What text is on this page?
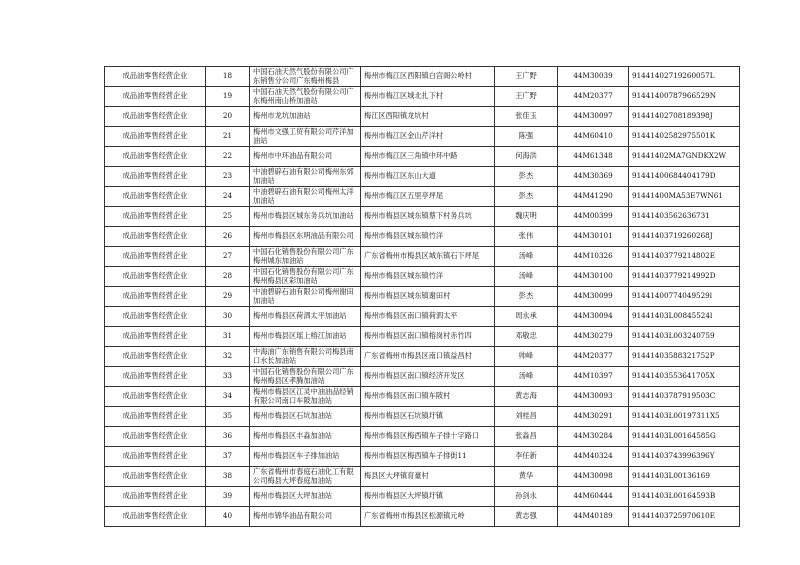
成品油零售经营企业	18	中国石油天然气股份有限公司广东销售分公司广东梅州梅县	梅州市梅江区西阳镇白宫阁公岭村	王广野	44M30039	91441402719260057L
成品油零售经营企业	19	中国石油天然气股份有限公司广东梅州南山桥加油站	梅州市梅江区城北扎下村	王广野	44M20377	91441400787966529N
成品油零售经营企业	20	梅州市龙坑加油站	梅江区西阳镇龙坑村	张佳玉	44M30097	91441402708189398J
成品油零售经营企业	21	梅州市文强工贸有限公司芹洋加油站	梅州市梅江区金山芹洋村	陈强	44M60410	91441402582975501K
成品油零售经营企业	22	梅州市中环油品有限公司	梅州市梅江区三角镇中环中路	何海洪	44M61348	91441402MA7GNDKX2W
成品油零售经营企业	23	中油碧辟石油有限公司梅州东郊加油站	梅州市梅江区东山大道	彭杰	44M30369	91441400684404179D
成品油零售经营企业	24	中油碧辟石油有限公司梅州太洋加油站	梅州市梅江区五里亭坪尾	彭杰	44M41290	91441400MA53E7WN61
成品油零售经营企业	25	梅州市梅县区城东务兵坑加油站	梅州市梅县区城东镇蔡下村务兵坑	魏庆明	44M00399	91441403562636731
成品油零售经营企业	26	梅州市梅县区东明油品有限公司	梅州市梅县区城东镇竹洋	张伟	44M30101	91441403719260268J
成品油零售经营企业	27	中国石化销售股份有限公司广东梅州城东加油站	广东省梅州市梅县区城东镇石下坪尾	汤峰	44M10326	91441403779214802E
成品油零售经营企业	28	中国石化销售股份有限公司广东梅州梅县区彩加油站	梅州市梅县区城东镇竹洋	汤峰	44M30100	91441403779214992D
成品油零售经营企业	29	中油碧辟石油有限公司梅州谢田加油站	梅州市梅县区城东镇谢田村	彭杰	44M30099	91441400774049529l
成品油零售经营企业	30	梅州市梅县区荷泗太平加油站	梅州市梅县区南口镇荷泗太平	周永承	44M30094	91441403L00845524l
成品油零售经营企业	31	梅州市梅县区瑶上榕江加油站	梅州市梅县区南口镇榕岗村赤竹四	邓敬忠	44M30279	91441403L003240759
成品油零售经营企业	32	中海油广东销售有限公司梅县南口水长加油站	广东省梅州市梅县区南口镇益昌村	帅峰	44M20377	91441403588321752P
成品油零售经营企业	33	中国石化销售股份有限公司广东梅州梅县区孝腾加油站	梅州市梅县区南口镇经济开发区	汤峰	44M10397	91441403553641705X
成品油零售经营企业	34	梅州市梅县区江灵中油油品经销有限公司南口车陂加油站	梅州市梅县区南口镇车陂村	黄志海	44M30093	91441403787919503C
成品油零售经营企业	35	梅州市梅县区石坑加油站	梅州市梅县区石坑镇圩镇	刘桂昌	44M30291	91441403L00197311X5
成品油零售经营企业	36	梅州市梅县区丰淼加油站	梅州市梅县区梅西镇车子排十字路口	张淼昌	44M30284	91441403L00164585G
成品油零售经营企业	37	梅州市梅县区车子排加油站	梅州市梅县区梅西镇车子排街11	李任新	44M40324	91441403743996396Y
成品油零售经营企业	38	广东省梅州市春庭石油化工有限公司梅县大坪春庭加油站	梅县区大坪镇育豪村	黄华	44M30098	91441403L00136169
成品油零售经营企业	39	梅州市梅县区大坪加油站	梅州市梅县区大坪镇圩镇	孙剑永	44M60444	91441403L00164593B
成品油零售经营企业	40	梅州市锦华油品有限公司	广东省梅州市梅县区松源镇元岭	黄志强	44M40189	91441403725970610E
